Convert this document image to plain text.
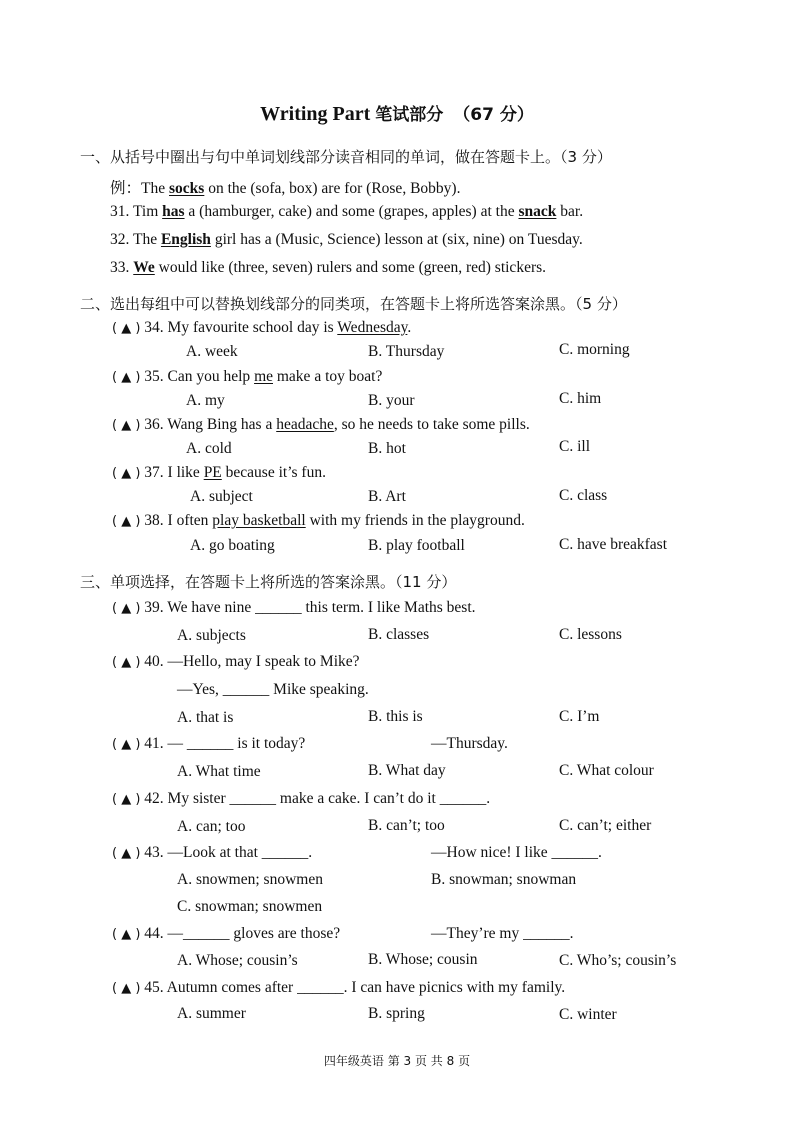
Writing Part 笔试部分 （67 分）
一、从括号中圈出与句中单词划线部分读音相同的单词，做在答题卡上。（3 分）
例：The socks on the (sofa, box) are for (Rose, Bobby).
31. Tim has a (hamburger, cake) and some (grapes, apples) at the snack bar.
32. The English girl has a (Music, Science) lesson at (six, nine) on Tuesday.
33. We would like (three, seven) rulers and some (green, red) stickers.
二、选出每组中可以替换划线部分的同类项，在答题卡上将所选答案涂黑。（5 分）
( ▲ ) 34. My favourite school day is Wednesday.
A. week	B. Thursday	C. morning
( ▲ ) 35. Can you help me make a toy boat?
A. my	B. your	C. him
( ▲ ) 36. Wang Bing has a headache, so he needs to take some pills.
A. cold	B. hot	C. ill
( ▲ ) 37. I like PE because it’s fun.
A. subject	B. Art	C. class
( ▲ ) 38. I often play basketball with my friends in the playground.
A. go boating	B. play football	C. have breakfast
三、单项选择，在答题卡上将所选的答案涂黑。（11 分）
( ▲ ) 39. We have nine ______ this term. I like Maths best.
A. subjects	B. classes	C. lessons
( ▲ ) 40. —Hello, may I speak to Mike?
—Yes, ______ Mike speaking.
A. that is	B. this is	C. I’m
( ▲ ) 41. — ______ is it today?	—Thursday.
A. What time	B. What day	C. What colour
( ▲ ) 42. My sister ______ make a cake. I can’t do it ______.
A. can; too	B. can’t; too	C. can’t; either
( ▲ ) 43. —Look at that ______.	—How nice! I like ______.
A. snowmen; snowmen	B. snowman; snowman
C. snowman; snowmen
( ▲ ) 44. —______ gloves are those?	—They’re my ______.
A. Whose; cousin’s	B. Whose; cousin	C. Who’s; cousin’s
( ▲ ) 45. Autumn comes after ______. I can have picnics with my family.
A. summer	B. spring	C. winter
四年级英语 第 3 页 共 8 页
